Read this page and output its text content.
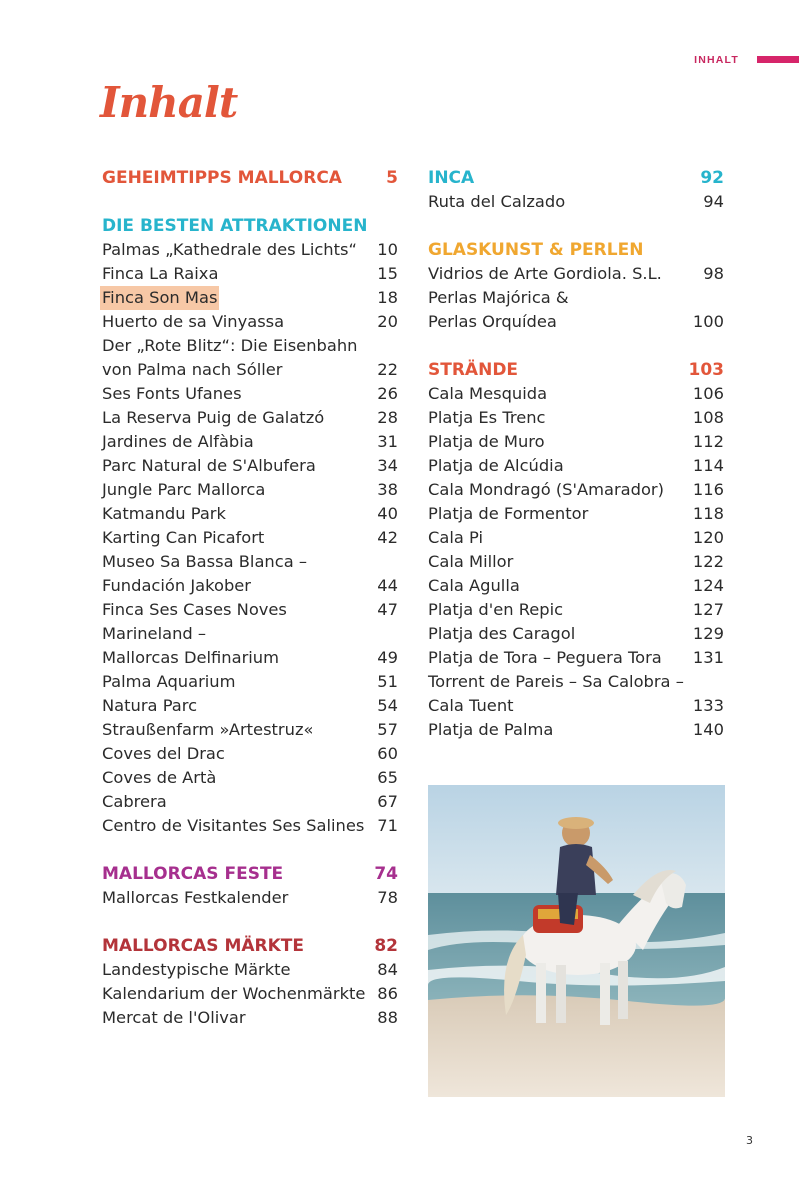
INHALT
Inhalt
GEHEIMTIPPS MALLORCA	5
DIE BESTEN ATTRAKTIONEN
Palmas „Kathedrale des Lichts“ 10
Finca La Raixa	15
Finca Son Mas	18
Huerto de sa Vinyassa	20
Der „Rote Blitz“: Die Eisenbahn
von Palma nach Sóller	22
Ses Fonts Ufanes	26
La Reserva Puig de Galatzó	28
Jardines de Alfàbia	31
Parc Natural de S'Albufera	34
Jungle Parc Mallorca	38
Katmandu Park	40
Karting Can Picafort	42
Museo Sa Bassa Blanca –
Fundación Jakober	44
Finca Ses Cases Noves	47
Marineland –
Mallorcas Delfinarium	49
Palma Aquarium	51
Natura Parc	54
Straußenfarm »Artestruz«	57
Coves del Drac	60
Coves de Artà	65
Cabrera	67
Centro de Visitantes Ses Salines 71
MALLORCAS FESTE	74
Mallorcas Festkalender	78
MALLORCAS MÄRKTE	82
Landestypische Märkte	84
Kalendarium der Wochenmärkte 86
Mercat de l'Olivar	88
INCA	92
Ruta del Calzado	94
GLASKUNST & PERLEN
Vidrios de Arte Gordiola. S.L.	98
Perlas Majórica &
Perlas Orquídea	100
STRÄNDE	103
Cala Mesquida	106
Platja Es Trenc	108
Platja de Muro	112
Platja de Alcúdia	114
Cala Mondragó (S'Amarador) 116
Platja de Formentor	118
Cala Pi	120
Cala Millor	122
Cala Agulla	124
Platja d'en Repic	127
Platja des Caragol	129
Platja de Tora – Peguera Tora 131
Torrent de Pareis – Sa Calobra –
Cala Tuent	133
Platja de Palma	140
3
